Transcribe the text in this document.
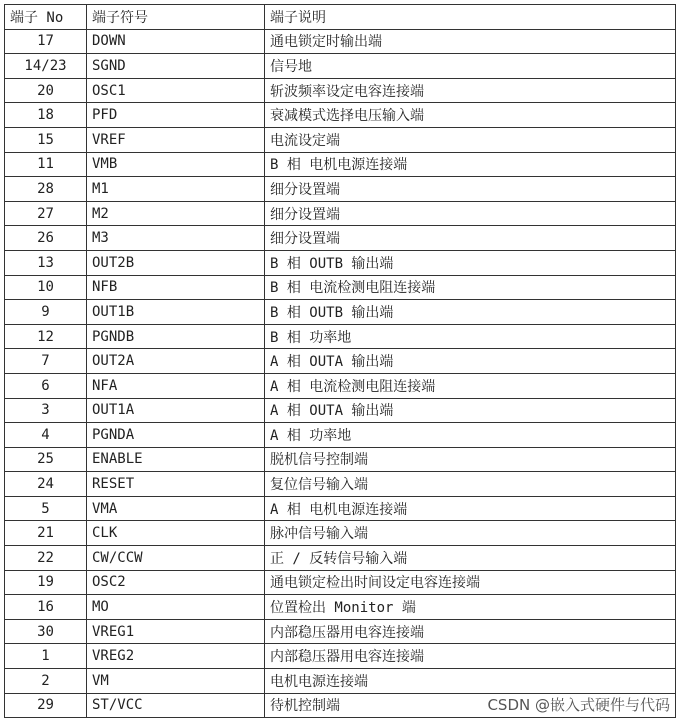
端子 No	端子符号	端子说明
17	DOWN	通电锁定时输出端
14/23	SGND	信号地
20	OSC1	斩波频率设定电容连接端
18	PFD	衰减模式选择电压输入端
15	VREF	电流设定端
11	VMB	B 相 电机电源连接端
28	M1	细分设置端
27	M2	细分设置端
26	M3	细分设置端
13	OUT2B	B 相 OUTB 输出端
10	NFB	B 相 电流检测电阻连接端
9	OUT1B	B 相 OUTB 输出端
12	PGNDB	B 相 功率地
7	OUT2A	A 相 OUTA 输出端
6	NFA	A 相 电流检测电阻连接端
3	OUT1A	A 相 OUTA 输出端
4	PGNDA	A 相 功率地
25	ENABLE	脱机信号控制端
24	RESET	复位信号输入端
5	VMA	A 相 电机电源连接端
21	CLK	脉冲信号输入端
22	CW/CCW	正 / 反转信号输入端
19	OSC2	通电锁定检出时间设定电容连接端
16	MO	位置检出 Monitor 端
30	VREG1	内部稳压器用电容连接端
1	VREG2	内部稳压器用电容连接端
2	VM	电机电源连接端
29	ST/VCC	待机控制端	CSDN @嵌入式硬件与代码
